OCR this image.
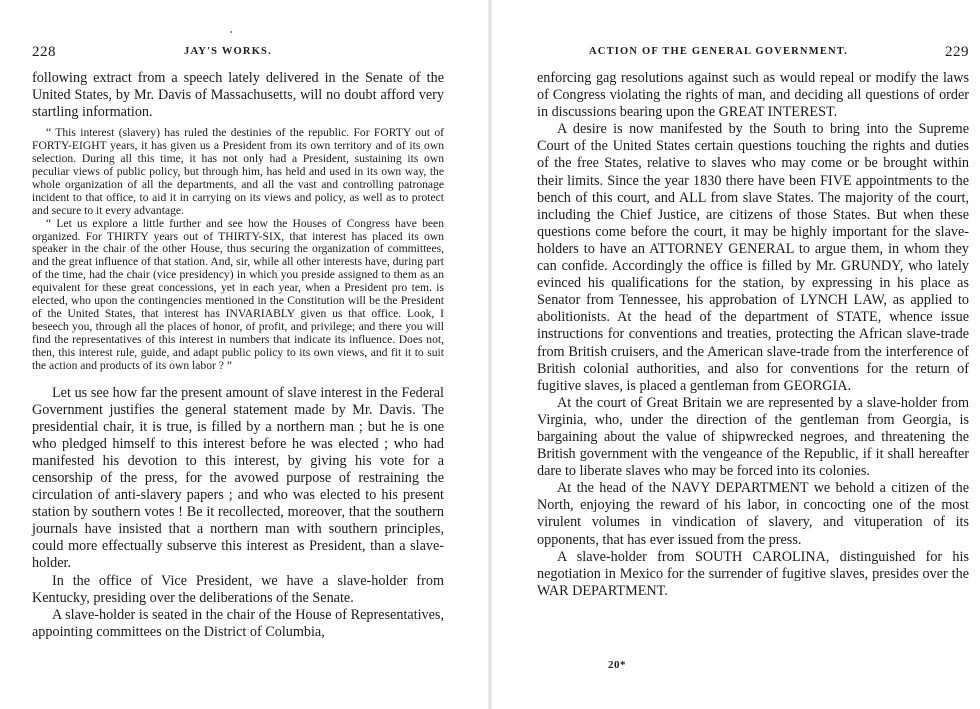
228	JAY'S WORKS.

following extract from a speech lately delivered in the Senate of the United States, by Mr. Davis of Massachusetts, will no doubt afford very startling information.

“ This interest (slavery) has ruled the destinies of the republic. For FORTY out of FORTY-EIGHT years, it has given us a President from its own territory and of its own selection. During all this time, it has not only had a President, sustaining its own peculiar views of public policy, but through him, has held and used in its own way, the whole organization of all the departments, and all the vast and controlling patronage incident to that office, to aid it in carrying on its views and policy, as well as to protect and secure to it every advantage.

“ Let us explore a little further and see how the Houses of Congress have been organized. For THIRTY years out of THIRTY-SIX, that interest has placed its own speaker in the chair of the other House, thus securing the organization of committees, and the great influence of that station. And, sir, while all other interests have, during part of the time, had the chair (vice presidency) in which you preside assigned to them as an equivalent for these great concessions, yet in each year, when a President pro tem. is elected, who upon the contingencies mentioned in the Constitution will be the President of the United States, that interest has INVARIABLY given us that office. Look, I beseech you, through all the places of honor, of profit, and privilege; and there you will find the representatives of this interest in numbers that indicate its influence. Does not, then, this interest rule, guide, and adapt public policy to its own views, and fit it to suit the action and products of its own labor ? ”

Let us see how far the present amount of slave interest in the Federal Government justifies the general statement made by Mr. Davis. The presidential chair, it is true, is filled by a northern man ; but he is one who pledged himself to this interest before he was elected ; who had manifested his devotion to this interest, by giving his vote for a censorship of the press, for the avowed purpose of restraining the circulation of anti-slavery papers ; and who was elected to his present station by southern votes ! Be it recollected, moreover, that the southern journals have insisted that a northern man with southern principles, could more effectually subserve this interest as President, than a slave-holder.

In the office of Vice President, we have a slave-holder from Kentucky, presiding over the deliberations of the Senate.

A slave-holder is seated in the chair of the House of Representatives, appointing committees on the District of Columbia,

ACTION OF THE GENERAL GOVERNMENT.	229

enforcing gag resolutions against such as would repeal or modify the laws of Congress violating the rights of man, and deciding all questions of order in discussions bearing upon the GREAT INTEREST.

A desire is now manifested by the South to bring into the Supreme Court of the United States certain questions touching the rights and duties of the free States, relative to slaves who may come or be brought within their limits. Since the year 1830 there have been FIVE appointments to the bench of this court, and ALL from slave States. The majority of the court, including the Chief Justice, are citizens of those States. But when these questions come before the court, it may be highly important for the slave-holders to have an ATTORNEY GENERAL to argue them, in whom they can confide. Accordingly the office is filled by Mr. GRUNDY, who lately evinced his qualifications for the station, by expressing in his place as Senator from Tennessee, his approbation of LYNCH LAW, as applied to abolitionists. At the head of the department of STATE, whence issue instructions for conventions and treaties, protecting the African slave-trade from British cruisers, and the American slave-trade from the interference of British colonial authorities, and also for conventions for the return of fugitive slaves, is placed a gentleman from GEORGIA.

At the court of Great Britain we are represented by a slave-holder from Virginia, who, under the direction of the gentleman from Georgia, is bargaining about the value of shipwrecked negroes, and threatening the British government with the vengeance of the Republic, if it shall hereafter dare to liberate slaves who may be forced into its colonies.

At the head of the NAVY DEPARTMENT we behold a citizen of the North, enjoying the reward of his labor, in concocting one of the most virulent volumes in vindication of slavery, and vituperation of its opponents, that has ever issued from the press.

A slave-holder from SOUTH CAROLINA, distinguished for his negotiation in Mexico for the surrender of fugitive slaves, presides over the WAR DEPARTMENT.

20*
